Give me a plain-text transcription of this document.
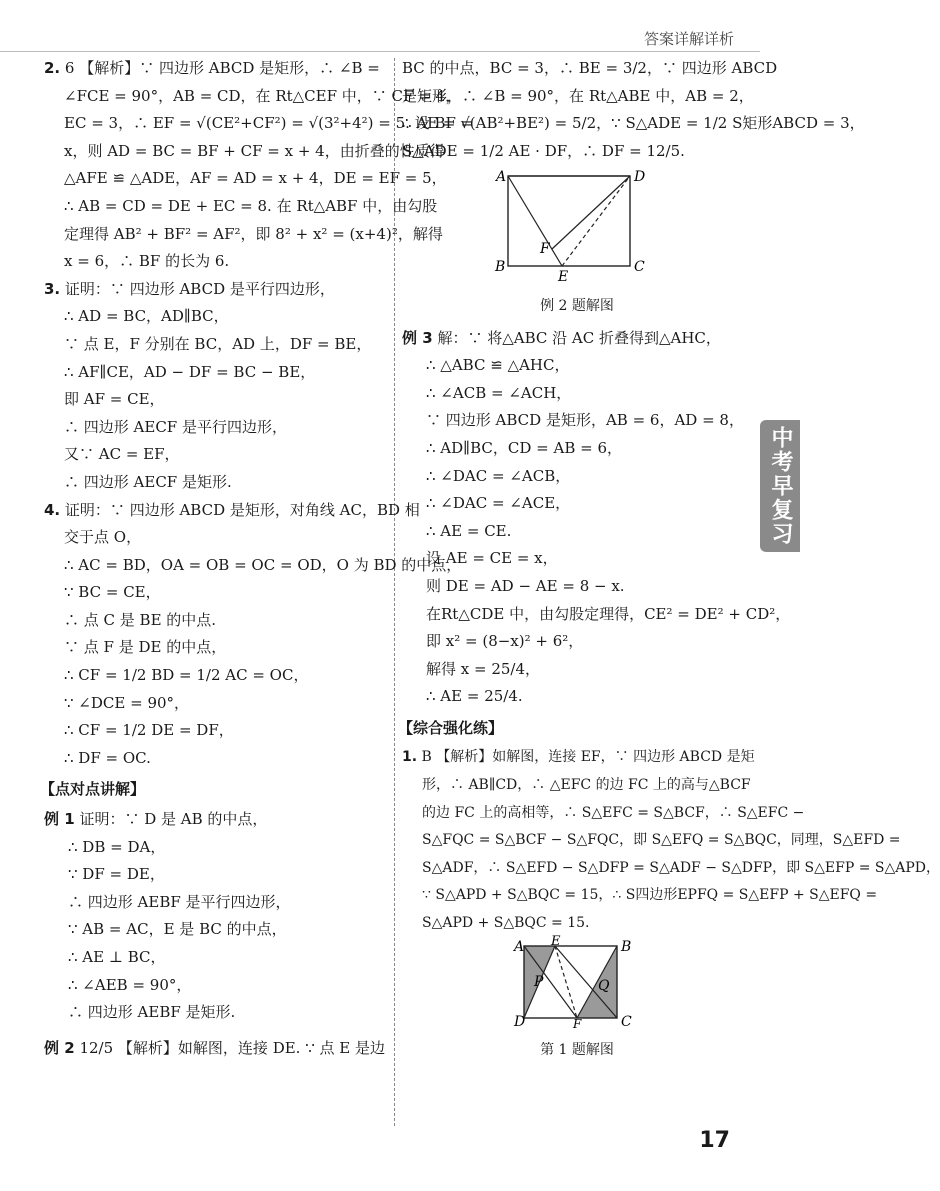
答案详解详析
2. 6 【解析】∵ 四边形 ABCD 是矩形，∴ ∠B =
∠FCE = 90°，AB = CD，在 Rt△CEF 中，∵ CF = 4，
EC = 3，∴ EF = √(CE²+CF²) = √(3²+4²) = 5. 设 BF =
x，则 AD = BC = BF + CF = x + 4，由折叠的性质得
△AFE ≌ △ADE，AF = AD = x + 4，DE = EF = 5，
∴ AB = CD = DE + EC = 8. 在 Rt△ABF 中，由勾股
定理得 AB² + BF² = AF²，即 8² + x² = (x+4)²，解得
x = 6，∴ BF 的长为 6.
3. 证明：∵ 四边形 ABCD 是平行四边形，
∴ AD = BC，AD∥BC，
∵ 点 E，F 分别在 BC，AD 上，DF = BE，
∴ AF∥CE，AD − DF = BC − BE，
即 AF = CE，
∴ 四边形 AECF 是平行四边形，
又∵ AC = EF，
∴ 四边形 AECF 是矩形.
4. 证明：∵ 四边形 ABCD 是矩形，对角线 AC，BD 相
交于点 O，
∴ AC = BD，OA = OB = OC = OD，O 为 BD 的中点，
∵ BC = CE，
∴ 点 C 是 BE 的中点.
∵ 点 F 是 DE 的中点，
∴ CF = 1/2 BD = 1/2 AC = OC，
∵ ∠DCE = 90°，
∴ CF = 1/2 DE = DF，
∴ DF = OC.
【点对点讲解】
例 1 证明：∵ D 是 AB 的中点，
∴ DB = DA，
∵ DF = DE，
∴ 四边形 AEBF 是平行四边形，
∵ AB = AC，E 是 BC 的中点，
∴ AE ⊥ BC，
∴ ∠AEB = 90°，
∴ 四边形 AEBF 是矩形.
例 2 12/5 【解析】如解图，连接 DE. ∵ 点 E 是边
BC 的中点，BC = 3，∴ BE = 3/2，∵ 四边形 ABCD
是矩形，∴ ∠B = 90°，在 Rt△ABE 中，AB = 2，
∴ AE = √(AB²+BE²) = 5/2，∵ S△ADE = 1/2 S矩形ABCD = 3，
S△ADE = 1/2 AE · DF，∴ DF = 12/5.
A	D
B
E
C
F
例 2 题解图
例 3 解：∵ 将△ABC 沿 AC 折叠得到△AHC，
∴ △ABC ≌ △AHC，
∴ ∠ACB = ∠ACH，
∵ 四边形 ABCD 是矩形，AB = 6，AD = 8，
∴ AD∥BC，CD = AB = 6，
∴ ∠DAC = ∠ACB，
∴ ∠DAC = ∠ACE，
∴ AE = CE.
设 AE = CE = x，
则 DE = AD − AE = 8 − x.
在Rt△CDE 中，由勾股定理得，CE² = DE² + CD²，
即 x² = (8−x)² + 6²，
解得 x = 25/4，
∴ AE = 25/4.
【综合强化练】
1. B 【解析】如解图，连接 EF，∵ 四边形 ABCD 是矩
形，∴ AB∥CD，∴ △EFC 的边 FC 上的高与△BCF
的边 FC 上的高相等，∴ S△EFC = S△BCF，∴ S△EFC −
S△FQC = S△BCF − S△FQC，即 S△EFQ = S△BQC，同理，S△EFD =
S△ADF，∴ S△EFD − S△DFP = S△ADF − S△DFP，即 S△EFP = S△APD，
∵ S△APD + S△BQC = 15，∴ S四边形EPFQ = S△EFP + S△EFQ =
S△APD + S△BQC = 15.
A E	B
P	Q
D	F	C
第 1 题解图
中考早复习
17
